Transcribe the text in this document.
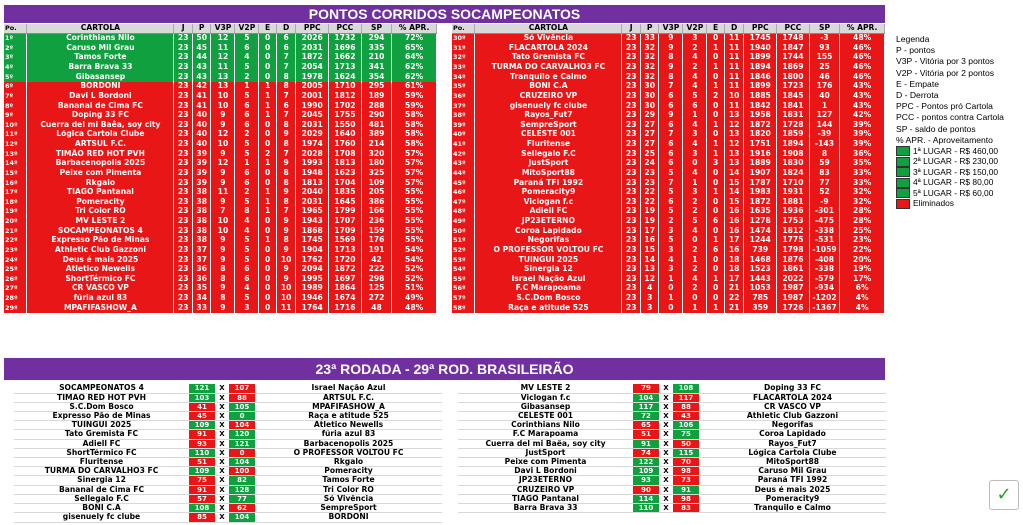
PONTOS CORRIDOS SOCAMPEONATOS
Po.	CARTOLA	J	P	V3P	V2P	E	D	PPC	PCC	SP	% APR.
1º	Corinthians Nilo	23	50	12	5	0	6	2026	1732	294	72%
2º	Caruso Mil Grau	23	45	11	6	0	6	2031	1696	335	65%
3º	Tamos Forte	23	44	12	4	0	7	1872	1662	210	64%
4º	Barra Brava 33	23	43	11	5	0	7	2054	1713	341	62%
5º	Gibasansep	23	43	13	2	0	8	1978	1624	354	62%
6º	BORDONI	23	42	13	1	1	8	2005	1710	295	61%
7º	Davi L Bordoni	23	41	10	5	1	7	2001	1812	189	59%
8º	Bananal de Cima FC	23	41	10	6	1	6	1990	1702	288	59%
9º	Doping 33 FC	23	40	9	6	1	7	2045	1755	290	58%
10º	Cuerra del mi Baêa, soy city	23	40	9	6	0	8	2031	1550	481	58%
11º	Lógica Cartola Clube	23	40	12	2	0	9	2029	1640	389	58%
12º	ARTSUL F.C.	23	40	10	5	0	8	1974	1760	214	58%
13º	TIMÃO RED HOT PVH	23	39	9	5	2	7	2028	1708	320	57%
14º	Barbacenopolis 2025	23	39	12	1	1	9	1993	1813	180	57%
15º	Peixe com Pimenta	23	39	9	6	0	8	1948	1623	325	57%
16º	Rkgalo	23	39	9	6	0	8	1813	1704	109	57%
17º	TIAGO Pantanal	23	38	11	2	1	9	2040	1835	205	55%
18º	Pomeracity	23	38	9	5	1	8	2031	1645	386	55%
19º	Tri Color RO	23	38	7	8	1	7	1965	1799	166	55%
20º	MV LESTE 2	23	38	10	4	0	9	1943	1707	236	55%
21º	SOCAMPEONATOS 4	23	38	10	4	0	9	1868	1709	159	55%
22º	Expresso Pão de Minas	23	38	9	5	1	8	1745	1569	176	55%
23º	Athletic Club Gazzoni	23	37	9	5	0	9	1904	1713	191	54%
24º	Deus é mais 2025	23	37	9	5	0	10	1762	1720	42	54%
25º	Atletico Newells	23	36	8	6	0	9	2094	1872	222	52%
26º	ShortTérmico FC	23	36	8	6	0	9	1995	1697	298	52%
27º	CR VASCO VP	23	35	9	4	0	10	1989	1864	125	51%
28º	fúria azul 83	23	34	8	5	0	10	1946	1674	272	49%
29º	MPAFIFASHOW_A	23	33	9	3	0	11	1764	1716	48	48%
Po.	CARTOLA	J	P	V3P	V2P	E	D	PPC	PCC	SP	% APR.
30º	Só Vivência	23	33	9	3	0	11	1745	1748	-3	48%
31º	FLACARTOLA 2024	23	32	9	2	1	11	1940	1847	93	46%
32º	Tato Gremista FC	23	32	8	4	0	11	1899	1744	155	46%
33º	TURMA DO CARVALHO3 FC	23	32	9	2	1	11	1894	1869	25	46%
34º	Tranquilo e Calmo	23	32	8	4	0	11	1846	1800	46	46%
35º	BONI C.A	23	30	7	4	1	11	1899	1723	176	43%
36º	CRUZEIRO VP	23	30	6	5	2	10	1885	1845	40	43%
37º	gisenuely fc clube	23	30	6	6	0	11	1842	1841	1	43%
38º	Rayos_Fut7	23	29	9	1	0	13	1958	1831	127	42%
39º	SempreSport	23	27	6	4	1	12	1872	1728	144	39%
40º	CELESTE 001	23	27	7	3	0	13	1820	1859	-39	39%
41º	Fluritense	23	27	6	4	1	12	1751	1894	-143	39%
42º	Sellegalo F.C	23	25	6	3	1	13	1916	1908	8	36%
43º	JustSport	23	24	6	0	3	13	1889	1830	59	35%
44º	MitoSport88	23	23	5	4	0	14	1907	1824	83	33%
45º	Paraná TFI 1992	23	23	7	1	0	15	1787	1710	77	33%
46º	Pomeracity9	23	22	5	3	1	14	1983	1931	52	32%
47º	Viclogan f.c	23	22	6	2	0	15	1872	1881	-9	32%
48º	Adiell FC	23	19	5	2	0	16	1635	1936	-301	28%
49º	JP23ETERNO	23	19	2	5	6	16	1278	1753	-475	28%
50º	Coroa Lapidado	23	17	3	4	0	16	1474	1812	-338	25%
51º	Negorifas	23	16	5	0	1	17	1244	1775	-531	23%
52º	O PROFESSOR VOLTOU FC	23	15	3	2	6	16	739	1798	-1059	22%
53º	TUINGUI 2025	23	14	4	1	0	18	1468	1876	-408	20%
54º	Sinergia 12	23	13	3	2	0	18	1523	1861	-338	19%
55º	Israel Nação Azul	23	12	1	4	1	17	1443	2022	-579	17%
56º	F.C Marapoama	23	4	0	2	0	21	1053	1987	-934	6%
57º	S.C.Dom Bosco	23	3	1	0	0	22	785	1987	-1202	4%
58º	Raça e atitude 525	23	3	0	1	1	21	359	1726	-1367	4%
Legenda
P - pontos
V3P - Vitória por 3 pontos
V2P - Vitória por 2 pontos
E - Empate
D - Derrota
PPC - Pontos pró Cartola
PCC - pontos contra Cartola
SP - saldo de pontos
% APR. - Aproveitamento
1ª LUGAR - R$ 460,00
2ª LUGAR - R$ 230,00
3ª LUGAR - R$ 150,00
4ª LUGAR - R$ 80,00
5ª LUGAR - R$ 60,00
Eliminados
23ª RODADA - 29ª ROD. BRASILEIRÃO
SOCAMPEONATOS 4	121	X	107	Israel Nação Azul
TIMÃO RED HOT PVH	103	X	88	ARTSUL F.C.
S.C.Dom Bosco	41	X	105	MPAFIFASHOW_A
Expresso Pão de Minas	45	X	0	Raça e atitude 525
TUINGUI 2025	109	X	104	Atletico Newells
Tato Gremista FC	91	X	120	fúria azul 83
Adiell FC	93	X	121	Barbacenopolis 2025
ShortTérmico FC	110	X	0	O PROFESSOR VOLTOU FC
Fluritense	51	X	104	Rkgalo
TURMA DO CARVALHO3 FC	109	X	100	Pomeracity
Sinergia 12	75	X	82	Tamos Forte
Bananal de Cima FC	91	X	128	Tri Color RO
Sellegalo F.C	57	X	77	Só Vivência
BONI C.A	108	X	62	SempreSport
gisenuely fc clube	85	X	104	BORDONI
MV LESTE 2	79	X	108	Doping 33 FC
Viclogan f.c	104	X	117	FLACARTOLA 2024
Gibasansep	117	X	88	CR VASCO VP
CELESTE 001	72	X	43	Athletic Club Gazzoni
Corinthians Nilo	65	X	106	Negorifas
F.C Marapoama	51	X	75	Coroa Lapidado
Cuerra del mi Baêa, soy city	91	X	50	Rayos_Fut7
JustSport	74	X	115	Lógica Cartola Clube
Peixe com Pimenta	122	X	70	MitoSport88
Davi L Bordoni	109	X	98	Caruso Mil Grau
JP23ETERNO	93	X	73	Paraná TFI 1992
CRUZEIRO VP	90	X	91	Deus é mais 2025
TIAGO Pantanal	114	X	98	Pomeracity9
Barra Brava 33	110	X	83	Tranquilo e Calmo
✓
